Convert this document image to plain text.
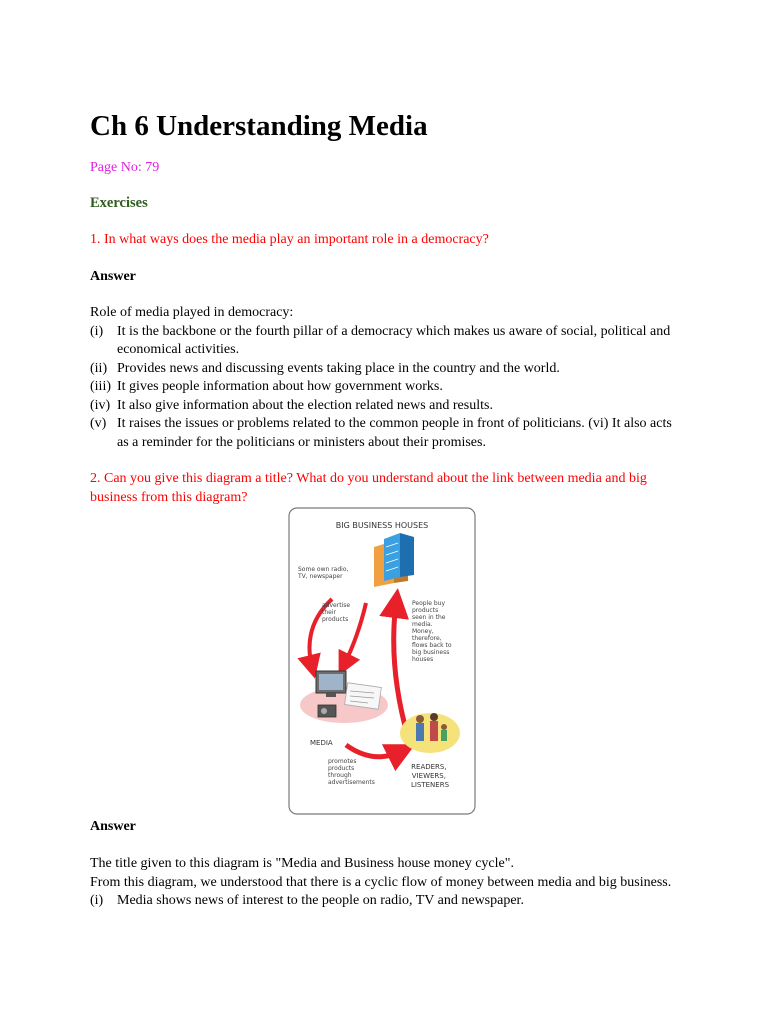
Ch 6 Understanding Media
Page No: 79
Exercises
1. In what ways does the media play an important role in a democracy?
Answer
Role of media played in democracy:
(i) It is the backbone or the fourth pillar of a democracy which makes us aware of social, political and economical activities.
(ii) Provides news and discussing events taking place in the country and the world.
(iii) It gives people information about how government works.
(iv) It also give information about the election related news and results.
(v) It raises the issues or problems related to the common people in front of politicians. (vi) It also acts as a reminder for the politicians or ministers about their promises.
2. Can you give this diagram a title? What do you understand about the link between media and big business from this diagram?
BIG BUSINESS HOUSES
Some own radio, TV, newspaper
advertise their products
People buy products seen in the media. Money, therefore, flows back to big business houses
MEDIA
promotes products through advertisements
READERS, VIEWERS, LISTENERS
Answer
The title given to this diagram is "Media and Business house money cycle".
From this diagram, we understood that there is a cyclic flow of money between media and big business.
(i) Media shows news of interest to the people on radio, TV and newspaper.
